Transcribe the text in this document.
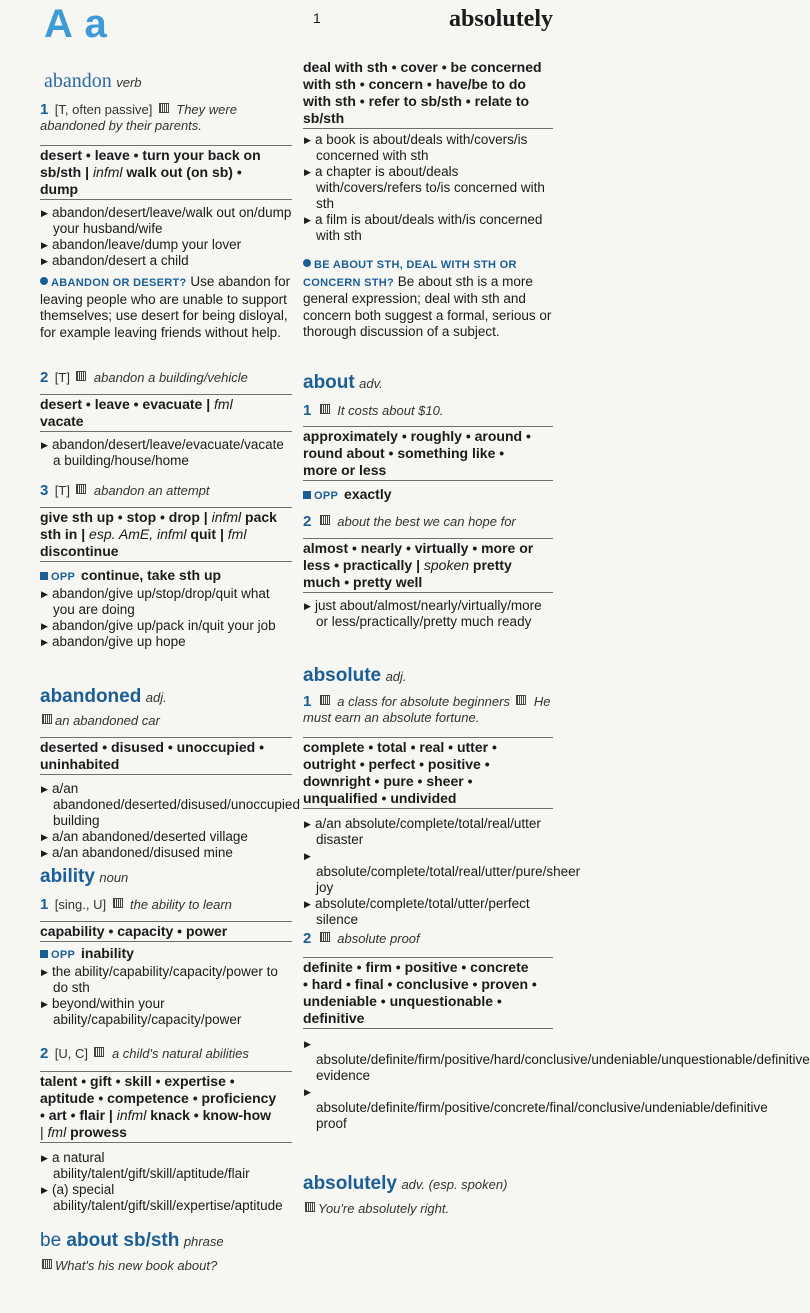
A a	1	absolutely
abandon verb
1 [T, often passive] They were abandoned by their parents.
desert • leave • turn your back on
sb/sth | infml walk out (on sb) •
dump

▶ abandon/desert/leave/walk out on/dump your husband/wife

▶ abandon/leave/dump your lover

▶ abandon/desert a child

ABANDON OR DESERT? Use abandon for leaving people who are unable to support themselves; use desert for being disloyal, for example leaving friends without help.
2 [T] abandon a building/vehicle
desert • leave • evacuate | fml
vacate

▶ abandon/desert/leave/evacuate/vacate a building/house/home

3 [T] abandon an attempt
give sth up • stop • drop | infml pack
sth in | esp. AmE, infml quit | fml
discontinue
OPP continue, take sth up

▶ abandon/give up/stop/drop/quit what you are doing

▶ abandon/give up/pack in/quit your job

▶ abandon/give up hope

abandoned adj.
an abandoned car
deserted • disused • unoccupied •
uninhabited

▶ a/an abandoned/deserted/disused/unoccupied building

▶ a/an abandoned/deserted village

▶ a/an abandoned/disused mine

ability noun
1 [sing., U] the ability to learn
capability • capacity • power
OPP inability

▶ the ability/capability/capacity/power to do sth

▶ beyond/within your ability/capability/capacity/power

2 [U, C] a child's natural abilities
talent • gift • skill • expertise •
aptitude • competence • proficiency
• art • flair | infml knack • know-how
| fml prowess

▶ a natural ability/talent/gift/skill/aptitude/flair

▶ (a) special ability/talent/gift/skill/expertise/aptitude

be about sb/sth phrase
What's his new book about?
deal with sth • cover • be concerned
with sth • concern • have/be to do
with sth • refer to sb/sth • relate to
sb/sth

▶ a book is about/deals with/covers/is concerned with sth

▶ a chapter is about/deals with/covers/refers to/is concerned with sth

▶ a film is about/deals with/is concerned with sth

BE ABOUT STH, DEAL WITH STH OR CONCERN STH? Be about sth is a more general expression; deal with sth and concern both suggest a formal, serious or thorough discussion of a subject.
about adv.
1 It costs about $10.
approximately • roughly • around •
round about • something like •
more or less
OPP exactly
2 about the best we can hope for
almost • nearly • virtually • more or
less • practically | spoken pretty
much • pretty well

▶ just about/almost/nearly/virtually/more or less/practically/pretty much ready

absolute adj.
1 a class for absolute beginners He must earn an absolute fortune.
complete • total • real • utter •
outright • perfect • positive •
downright • pure • sheer •
unqualified • undivided

▶ a/an absolute/complete/total/real/utter disaster

▶absolute/complete/total/real/utter/pure/sheer joy

▶ absolute/complete/total/utter/perfect silence

2 absolute proof
definite • firm • positive • concrete
• hard • final • conclusive • proven •
undeniable • unquestionable •
definitive

▶absolute/definite/firm/positive/hard/conclusive/undeniable/unquestionable/definitive evidence

▶absolute/definite/firm/positive/concrete/final/conclusive/undeniable/definitive proof

absolutely adv. (esp. spoken)
You're absolutely right.
